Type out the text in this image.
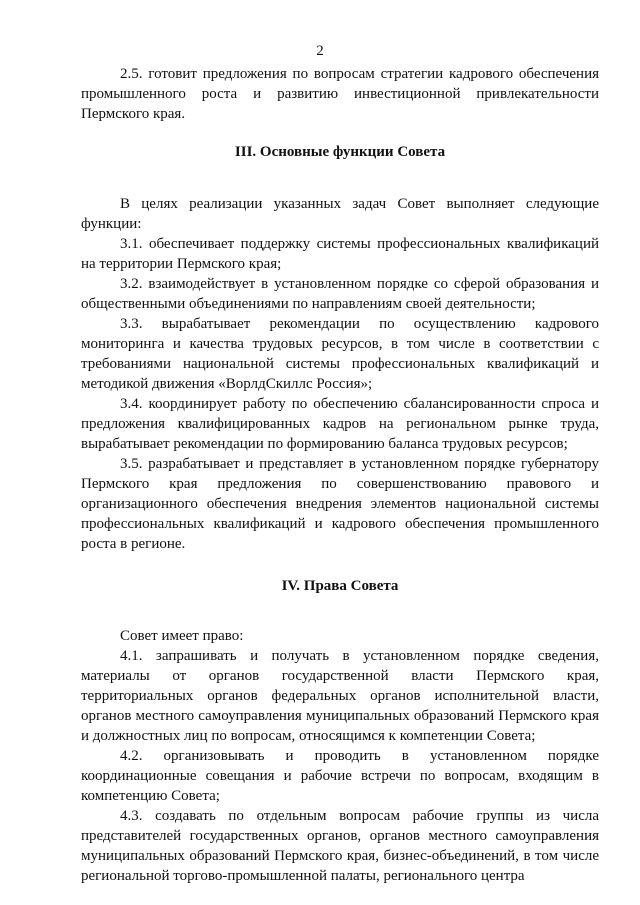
2

2.5. готовит предложения по вопросам стратегии кадрового обеспечения промышленного роста и развитию инвестиционной привлекательности Пермского края.

III. Основные функции Совета

В целях реализации указанных задач Совет выполняет следующие функции:

3.1. обеспечивает поддержку системы профессиональных квалификаций на территории Пермского края;

3.2. взаимодействует в установленном порядке со сферой образования и общественными объединениями по направлениям своей деятельности;

3.3. вырабатывает рекомендации по осуществлению кадрового мониторинга и качества трудовых ресурсов, в том числе в соответствии с требованиями национальной системы профессиональных квалификаций и методикой движения «ВорлдСкиллс Россия»;

3.4. координирует работу по обеспечению сбалансированности спроса и предложения квалифицированных кадров на региональном рынке труда, вырабатывает рекомендации по формированию баланса трудовых ресурсов;

3.5. разрабатывает и представляет в установленном порядке губернатору Пермского края предложения по совершенствованию правового и организационного обеспечения внедрения элементов национальной системы профессиональных квалификаций и кадрового обеспечения промышленного роста в регионе.

IV. Права Совета

Совет имеет право:

4.1. запрашивать и получать в установленном порядке сведения, материалы от органов государственной власти Пермского края, территориальных органов федеральных органов исполнительной власти, органов местного самоуправления муниципальных образований Пермского края и должностных лиц по вопросам, относящимся к компетенции Совета;

4.2. организовывать и проводить в установленном порядке координационные совещания и рабочие встречи по вопросам, входящим в компетенцию Совета;

4.3. создавать по отдельным вопросам рабочие группы из числа представителей государственных органов, органов местного самоуправления муниципальных образований Пермского края, бизнес-объединений, в том числе региональной торгово-промышленной палаты, регионального центра
